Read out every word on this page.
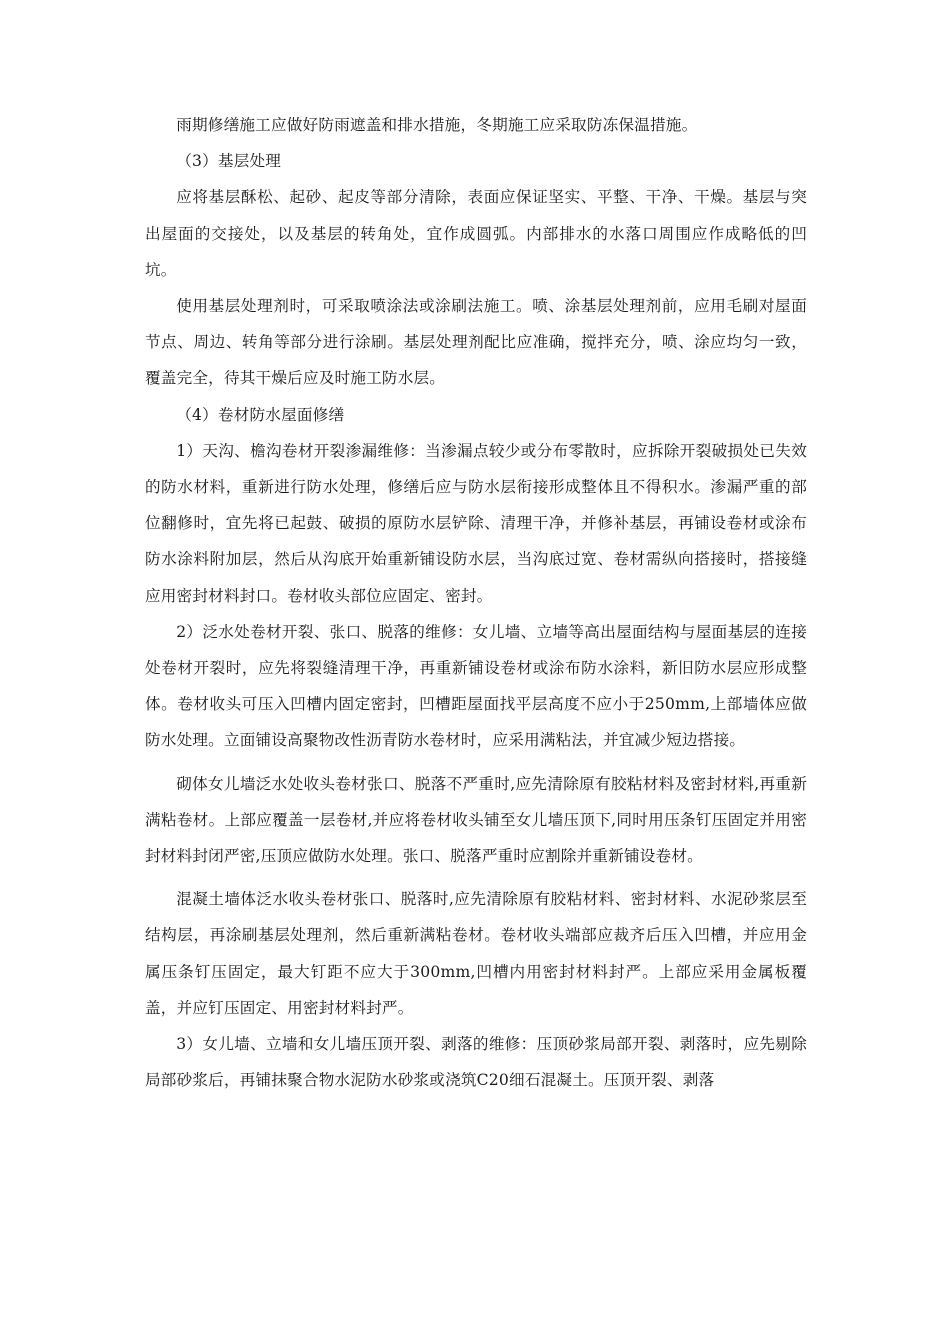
雨期修缮施工应做好防雨遮盖和排水措施，冬期施工应采取防冻保温措施。

（3）基层处理

应将基层酥松、起砂、起皮等部分清除，表面应保证坚实、平整、干净、干燥。基层与突出屋面的交接处，以及基层的转角处，宜作成圆弧。内部排水的水落口周围应作成略低的凹坑。

使用基层处理剂时，可采取喷涂法或涂刷法施工。喷、涂基层处理剂前，应用毛刷对屋面节点、周边、转角等部分进行涂刷。基层处理剂配比应准确，搅拌充分，喷、涂应均匀一致，覆盖完全，待其干燥后应及时施工防水层。

（4）卷材防水屋面修缮

1）天沟、檐沟卷材开裂渗漏维修：当渗漏点较少或分布零散时，应拆除开裂破损处已失效的防水材料，重新进行防水处理，修缮后应与防水层衔接形成整体且不得积水。渗漏严重的部位翻修时，宜先将已起鼓、破损的原防水层铲除、清理干净，并修补基层，再铺设卷材或涂布防水涂料附加层，然后从沟底开始重新铺设防水层，当沟底过宽、卷材需纵向搭接时，搭接缝应用密封材料封口。卷材收头部位应固定、密封。

2）泛水处卷材开裂、张口、脱落的维修：女儿墙、立墙等高出屋面结构与屋面基层的连接处卷材开裂时，应先将裂缝清理干净，再重新铺设卷材或涂布防水涂料，新旧防水层应形成整体。卷材收头可压入凹槽内固定密封，凹槽距屋面找平层高度不应小于250mm,上部墙体应做防水处理。立面铺设高聚物改性沥青防水卷材时，应采用满粘法，并宜减少短边搭接。

砌体女儿墙泛水处收头卷材张口、脱落不严重时,应先清除原有胶粘材料及密封材料,再重新满粘卷材。上部应覆盖一层卷材,并应将卷材收头铺至女儿墙压顶下,同时用压条钉压固定并用密封材料封闭严密,压顶应做防水处理。张口、脱落严重时应割除并重新铺设卷材。

混凝土墙体泛水收头卷材张口、脱落时,应先清除原有胶粘材料、密封材料、水泥砂浆层至结构层，再涂刷基层处理剂，然后重新满粘卷材。卷材收头端部应裁齐后压入凹槽，并应用金属压条钉压固定，最大钉距不应大于300mm,凹槽内用密封材料封严。上部应采用金属板覆盖，并应钉压固定、用密封材料封严。

3）女儿墙、立墙和女儿墙压顶开裂、剥落的维修：压顶砂浆局部开裂、剥落时，应先剔除局部砂浆后，再铺抹聚合物水泥防水砂浆或浇筑C20细石混凝土。压顶开裂、剥落
